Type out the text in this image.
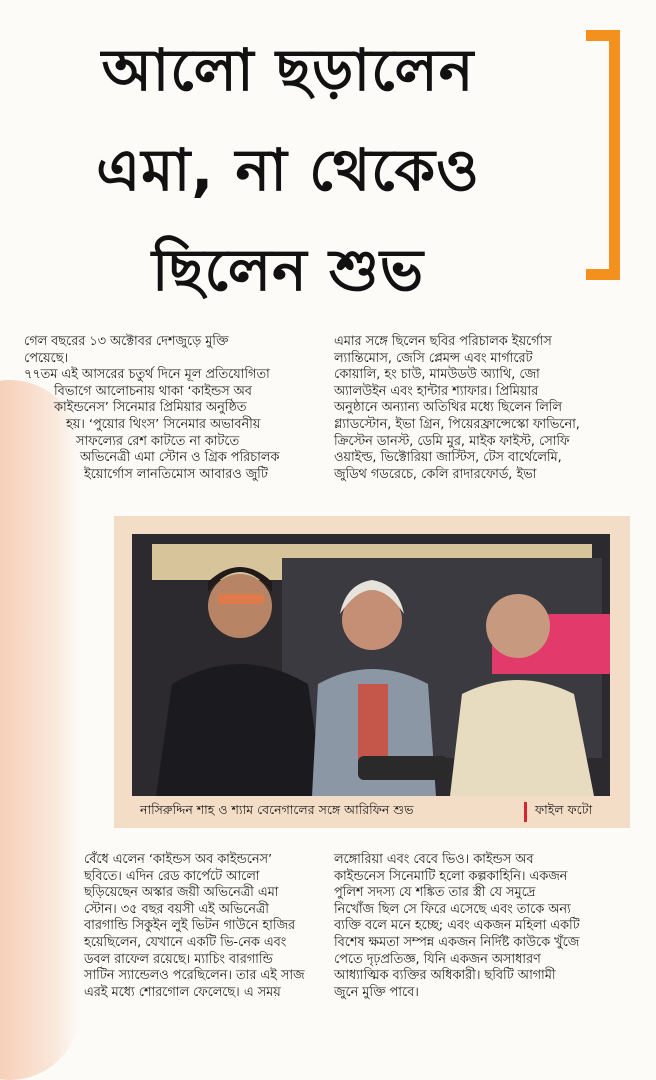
আলো ছড়ালেন
এমা, না থেকেও
ছিলেন শুভ
গেল বছরের ১৩ অক্টোবর দেশজুড়ে মুক্তি
পেয়েছে।
৭৭তম এই আসরের চতুর্থ দিনে মূল প্রতিযোগিতা
বিভাগে আলোচনায় থাকা ‘কাইন্ডস অব
কাইন্ডনেস’ সিনেমার প্রিমিয়ার অনুষ্ঠিত
হয়। ‘পুয়োর থিংস’ সিনেমার অভাবনীয়
সাফল্যের রেশ কাটতে না কাটতে
অভিনেত্রী এমা স্টোন ও গ্রিক পরিচালক
ইয়োর্গোস লানতিমোস আবারও জুটি
এমার সঙ্গে ছিলেন ছবির পরিচালক ইয়র্গোস
ল্যান্তিমোস, জেসি প্লেমন্স এবং মার্গারেট
কোয়ালি, হং চাউ, মামউডউ অ্যাথি, জো
অ্যালউইন এবং হান্টার শ্যাফার। প্রিমিয়ার
অনুষ্ঠানে অন্যান্য অতিথির মধ্যে ছিলেন লিলি
গ্ল্যাডস্টোন, ইভা গ্রিন, পিয়েরফ্রান্সেস্কো ফাভিনো,
ক্রিস্টেন ডানস্ট, ডেমি মুর, মাইক ফাইস্ট, সোফি
ওয়াইল্ড, ভিক্টোরিয়া জাস্টিস, টেস বার্থেলেমি,
জুডিথ গডরেচে, কেলি রাদারফোর্ড, ইভা
নাসিরুদ্দিন শাহ ও শ্যাম বেনেগালের সঙ্গে আরিফিন শুভ	ফাইল ফটো
বেঁধে এলেন ‘কাইন্ডস অব কাইন্ডনেস’
ছবিতে। এদিন রেড কার্পেটে আলো
ছড়িয়েছেন অস্কার জয়ী অভিনেত্রী এমা
স্টোন। ৩৫ বছর বয়সী এই অভিনেত্রী
বারগান্ডি সিকুইন লুই ভিটন গাউনে হাজির
হয়েছিলেন, যেখানে একটি ভি-নেক এবং
ডবল রাফেল রয়েছে। ম্যাচিং বারগান্ডি
সাটিন স্যান্ডেলও পরেছিলেন। তার এই সাজ
এরই মধ্যে শোরগোল ফেলেছে। এ সময়
লঙ্গোরিয়া এবং বেবে ভিও। কাইন্ডস অব
কাইন্ডনেস সিনেমাটি হলো কল্পকাহিনি। একজন
পুলিশ সদস্য যে শঙ্কিত তার স্ত্রী যে সমুদ্রে
নিখোঁজ ছিল সে ফিরে এসেছে এবং তাকে অন্য
ব্যক্তি বলে মনে হচ্ছে; এবং একজন মহিলা একটি
বিশেষ ক্ষমতা সম্পন্ন একজন নির্দিষ্ট কাউকে খুঁজে
পেতে দৃঢ়প্রতিজ্ঞ, যিনি একজন অসাধারণ
আধ্যাত্মিক ব্যক্তির অধিকারী। ছবিটি আগামী
জুনে মুক্তি পাবে।
